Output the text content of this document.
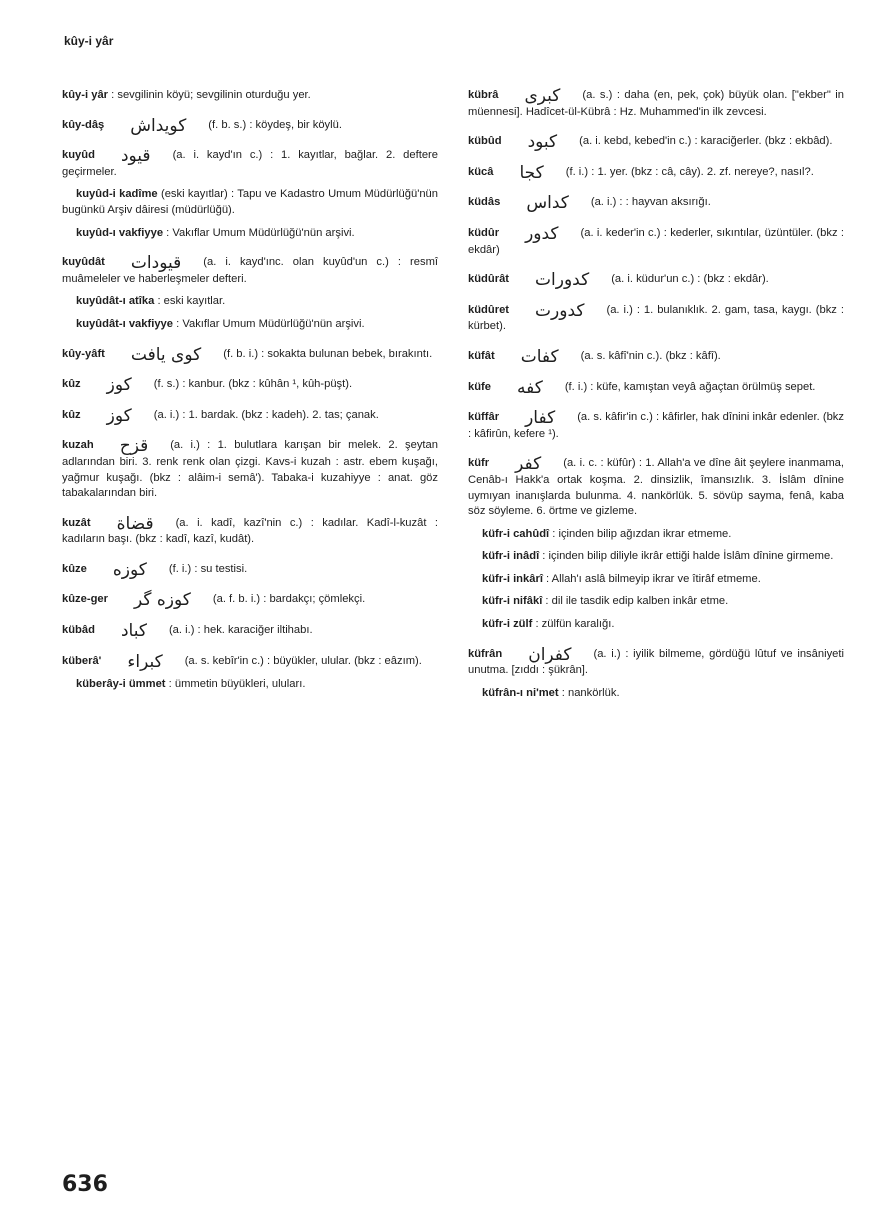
kûy-i yâr

kûy-i yâr : sevgilinin köyü; sevgilinin oturduğu yer.

kûy-dâş کویداش (f. b. s.) : köydeş, bir köylü.

kuyûd قیود (a. i. kayd'ın c.) : 1. kayıtlar, bağlar. 2. deftere geçirmeler.

kuyûd-i kadîme (eski kayıtlar) : Tapu ve Kadastro Umum Müdürlüğü'nün bugünkü Arşiv dâiresi (müdürlüğü).

kuyûd-ı vakfiyye : Vakıflar Umum Müdürlüğü'nün arşivi.

kuyûdât قیودات (a. i. kayd'ınc. olan kuyûd'un c.) : resmî muâmeleler ve haberleşmeler defteri.

kuyûdât-ı atîka : eski kayıtlar.

kuyûdât-ı vakfiyye : Vakıflar Umum Müdürlüğü'nün arşivi.

kûy-yâft کوی یافت (f. b. i.) : sokakta bulunan bebek, bırakıntı.

kûz کوز (f. s.) : kanbur. (bkz : kûhân ¹, kûh-püşt).

kûz کوز (a. i.) : 1. bardak. (bkz : kadeh). 2. tas; çanak.

kuzah قزح (a. i.) : 1. bulutlara karışan bir melek. 2. şeytan adlarından biri. 3. renk renk olan çizgi. Kavs-i kuzah : astr. ebem kuşağı, yağmur kuşağı. (bkz : alâim-i semâ'). Tabaka-i kuzahiyye : anat. göz tabakalarından biri.

kuzât قضاة (a. i. kadî, kazî'nin c.) : kadılar. Kadî-l-kuzât : kadıların başı. (bkz : kadî, kazî, kudât).

kûze کوزه (f. i.) : su testisi.

kûze-ger کوزه گر (a. f. b. i.) : bardakçı; çömlekçi.

kübâd کباد (a. i.) : hek. karaciğer iltihabı.

küberâ' کبراء (a. s. kebîr'in c.) : büyükler, ulular. (bkz : eâzım).

küberây-i ümmet : ümmetin büyükleri, uluları.

kübrâ کبری (a. s.) : daha (en, pek, çok) büyük olan. ["ekber" in müennesi]. Hadîcet-ül-Kübrâ : Hz. Muhammed'in ilk zevcesi.

kübûd کبود (a. i. kebd, kebed'in c.) : karaciğerler. (bkz : ekbâd).

kücâ کجا (f. i.) : 1. yer. (bkz : câ, cây). 2. zf. nereye?, nasıl?.

küdâs کداس (a. i.) : : hayvan aksırığı.

küdûr کدور (a. i. keder'in c.) : kederler, sıkıntılar, üzüntüler. (bkz : ekdâr)

küdûrât کدورات (a. i. küdur'un c.) : (bkz : ekdâr).

küdûret کدورت (a. i.) : 1. bulanıklık. 2. gam, tasa, kaygı. (bkz : kürbet).

küfât کفات (a. s. kâfî'nin c.). (bkz : kâfî).

küfe کفه (f. i.) : küfe, kamıştan veyâ ağaçtan örülmüş sepet.

küffâr کفار (a. s. kâfir'in c.) : kâfirler, hak dînini inkâr edenler. (bkz : kâfirûn, kefere ¹).

küfr کفر (a. i. c. : küfûr) : 1. Allah'a ve dîne âit şeylere inanmama, Cenâb-ı Hakk'a ortak koşma. 2. dinsizlik, îmansızlık. 3. İslâm dînine uymıyan inanışlarda bulunma. 4. nankörlük. 5. sövüp sayma, fenâ, kaba söz söyleme. 6. örtme ve gizleme.

küfr-i cahûdî : içinden bilip ağızdan ikrar etmeme.

küfr-i inâdî : içinden bilip diliyle ikrâr ettiği halde İslâm dînine girmeme.

küfr-i inkârî : Allah'ı aslâ bilmeyip ikrar ve îtirâf etmeme.

küfr-i nifâkî : dil ile tasdik edip kalben inkâr etme.

küfr-i zülf : zülfün karalığı.

küfrân کفران (a. i.) : iyilik bilmeme, gördüğü lûtuf ve insâniyeti unutma. [zıddı : şükrân].

küfrân-ı ni'met : nankörlük.

636
